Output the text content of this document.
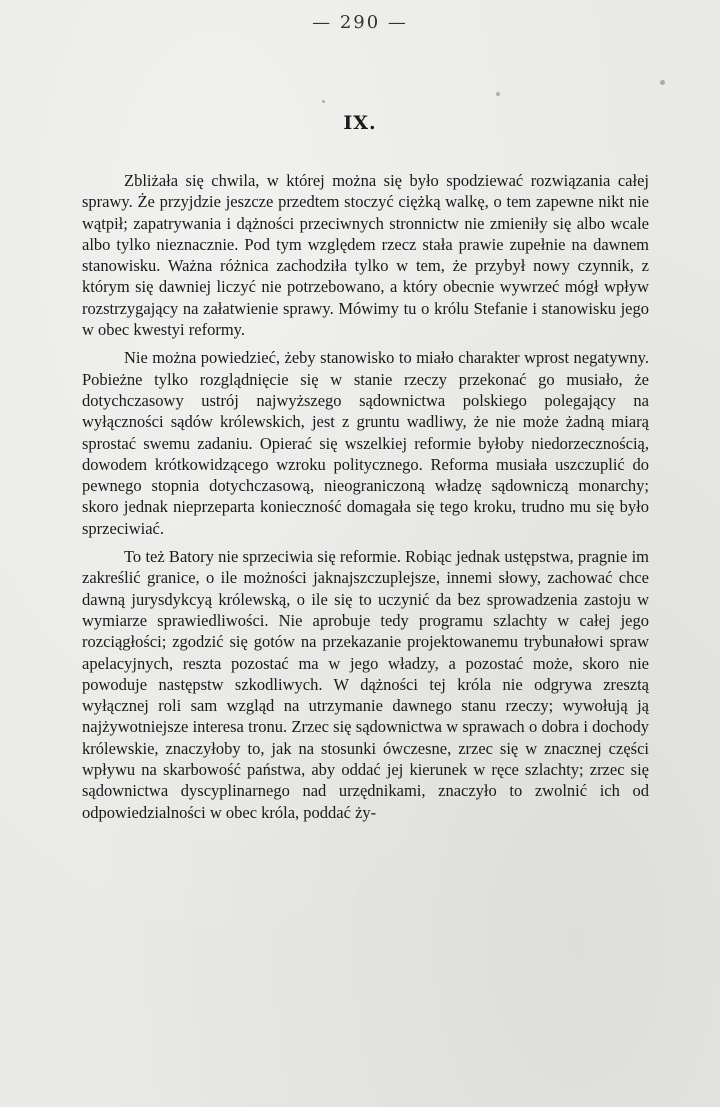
— 290 —
IX.

Zbliżała się chwila, w której można się było spodziewać rozwiązania całej sprawy. Że przyjdzie jeszcze przedtem stoczyć ciężką walkę, o tem zapewne nikt nie wątpił; zapatrywania i dążności przeciwnych stronnictw nie zmieniły się albo wcale albo tylko nieznacznie. Pod tym względem rzecz stała prawie zupełnie na dawnem stanowisku. Ważna różnica zachodziła tylko w tem, że przybył nowy czynnik, z którym się dawniej liczyć nie potrzebowano, a który obecnie wywrzeć mógł wpływ rozstrzygający na załatwienie sprawy. Mówimy tu o królu Stefanie i stanowisku jego w obec kwestyi reformy.

Nie można powiedzieć, żeby stanowisko to miało charakter wprost negatywny. Pobieżne tylko rozglądnięcie się w stanie rzeczy przekonać go musiało, że dotychczasowy ustrój najwyższego sądownictwa polskiego polegający na wyłączności sądów królewskich, jest z gruntu wadliwy, że nie może żadną miarą sprostać swemu zadaniu. Opierać się wszelkiej reformie byłoby niedorzecznością, dowodem krótkowidzącego wzroku politycznego. Reforma musiała uszczuplić do pewnego stopnia dotychczasową, nieograniczoną władzę sądowniczą monarchy; skoro jednak nieprzeparta konieczność domagała się tego kroku, trudno mu się było sprzeciwiać.

To też Batory nie sprzeciwia się reformie. Robiąc jednak ustępstwa, pragnie im zakreślić granice, o ile możności jaknajszczuplejsze, innemi słowy, zachować chce dawną jurysdykcyą królewską, o ile się to uczynić da bez sprowadzenia zastoju w wymiarze sprawiedliwości. Nie aprobuje tedy programu szlachty w całej jego rozciągłości; zgodzić się gotów na przekazanie projektowanemu trybunałowi spraw apelacyjnych, reszta pozostać ma w jego władzy, a pozostać może, skoro nie powoduje następstw szkodliwych. W dążności tej króla nie odgrywa zresztą wyłącznej roli sam wzgląd na utrzymanie dawnego stanu rzeczy; wywołują ją najżywotniejsze interesa tronu. Zrzec się sądownictwa w sprawach o dobra i dochody królewskie, znaczyłoby to, jak na stosunki ówczesne, zrzec się w znacznej części wpływu na skarbowość państwa, aby oddać jej kierunek w ręce szlachty; zrzec się sądownictwa dyscyplinarnego nad urzędnikami, znaczyło to zwolnić ich od odpowiedzialności w obec króla, poddać ży-
